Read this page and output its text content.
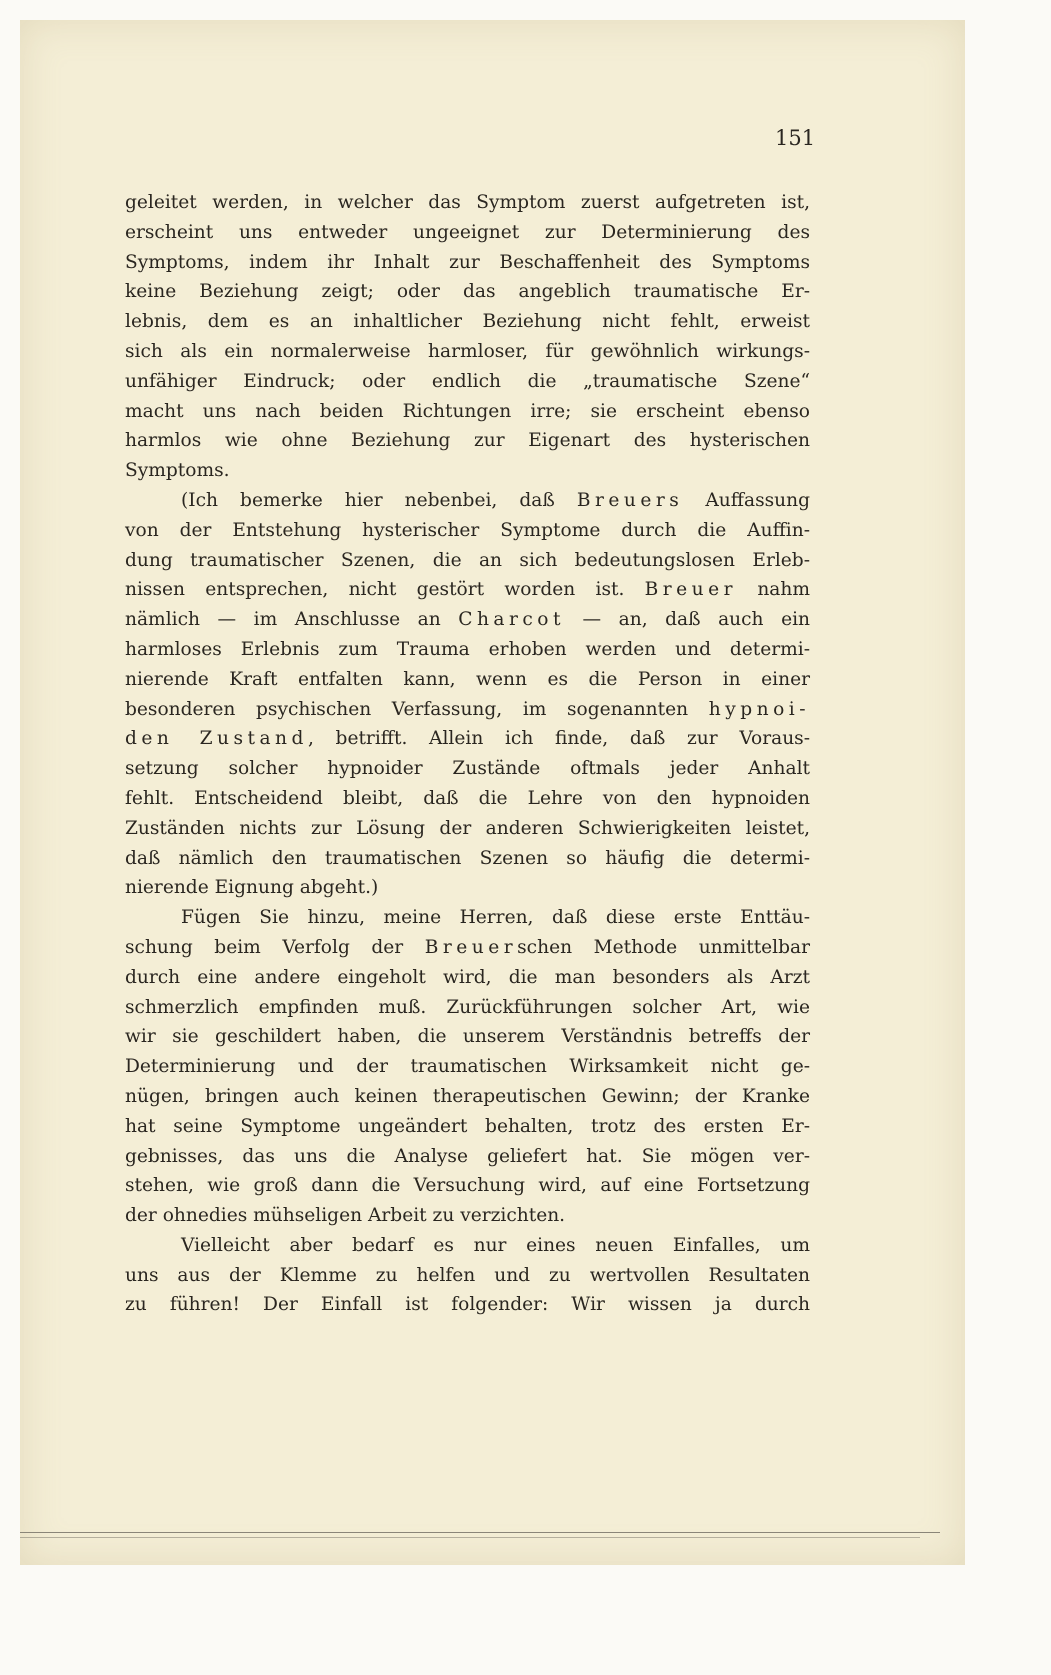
151
geleitet werden, in welcher das Symptom zuerst aufgetreten ist,
erscheint uns entweder ungeeignet zur Determinierung des
Symptoms, indem ihr Inhalt zur Beschaffenheit des Symptoms
keine Beziehung zeigt; oder das angeblich traumatische Er-
lebnis, dem es an inhaltlicher Beziehung nicht fehlt, erweist
sich als ein normalerweise harmloser, für gewöhnlich wirkungs-
unfähiger Eindruck; oder endlich die „traumatische Szene“
macht uns nach beiden Richtungen irre; sie erscheint ebenso
harmlos wie ohne Beziehung zur Eigenart des hysterischen
Symptoms.
(Ich bemerke hier nebenbei, daß Breuers Auffassung
von der Entstehung hysterischer Symptome durch die Auffin-
dung traumatischer Szenen, die an sich bedeutungslosen Erleb-
nissen entsprechen, nicht gestört worden ist. Breuer nahm
nämlich — im Anschlusse an Charcot — an, daß auch ein
harmloses Erlebnis zum Trauma erhoben werden und determi-
nierende Kraft entfalten kann, wenn es die Person in einer
besonderen psychischen Verfassung, im sogenannten hypnoi-
den Zustand, betrifft. Allein ich finde, daß zur Voraus-
setzung solcher hypnoider Zustände oftmals jeder Anhalt
fehlt. Entscheidend bleibt, daß die Lehre von den hypnoiden
Zuständen nichts zur Lösung der anderen Schwierigkeiten leistet,
daß nämlich den traumatischen Szenen so häufig die determi-
nierende Eignung abgeht.)
Fügen Sie hinzu, meine Herren, daß diese erste Enttäu-
schung beim Verfolg der Breuerschen Methode unmittelbar
durch eine andere eingeholt wird, die man besonders als Arzt
schmerzlich empfinden muß. Zurückführungen solcher Art, wie
wir sie geschildert haben, die unserem Verständnis betreffs der
Determinierung und der traumatischen Wirksamkeit nicht ge-
nügen, bringen auch keinen therapeutischen Gewinn; der Kranke
hat seine Symptome ungeändert behalten, trotz des ersten Er-
gebnisses, das uns die Analyse geliefert hat. Sie mögen ver-
stehen, wie groß dann die Versuchung wird, auf eine Fortsetzung
der ohnedies mühseligen Arbeit zu verzichten.
Vielleicht aber bedarf es nur eines neuen Einfalles, um
uns aus der Klemme zu helfen und zu wertvollen Resultaten
zu führen! Der Einfall ist folgender: Wir wissen ja durch
